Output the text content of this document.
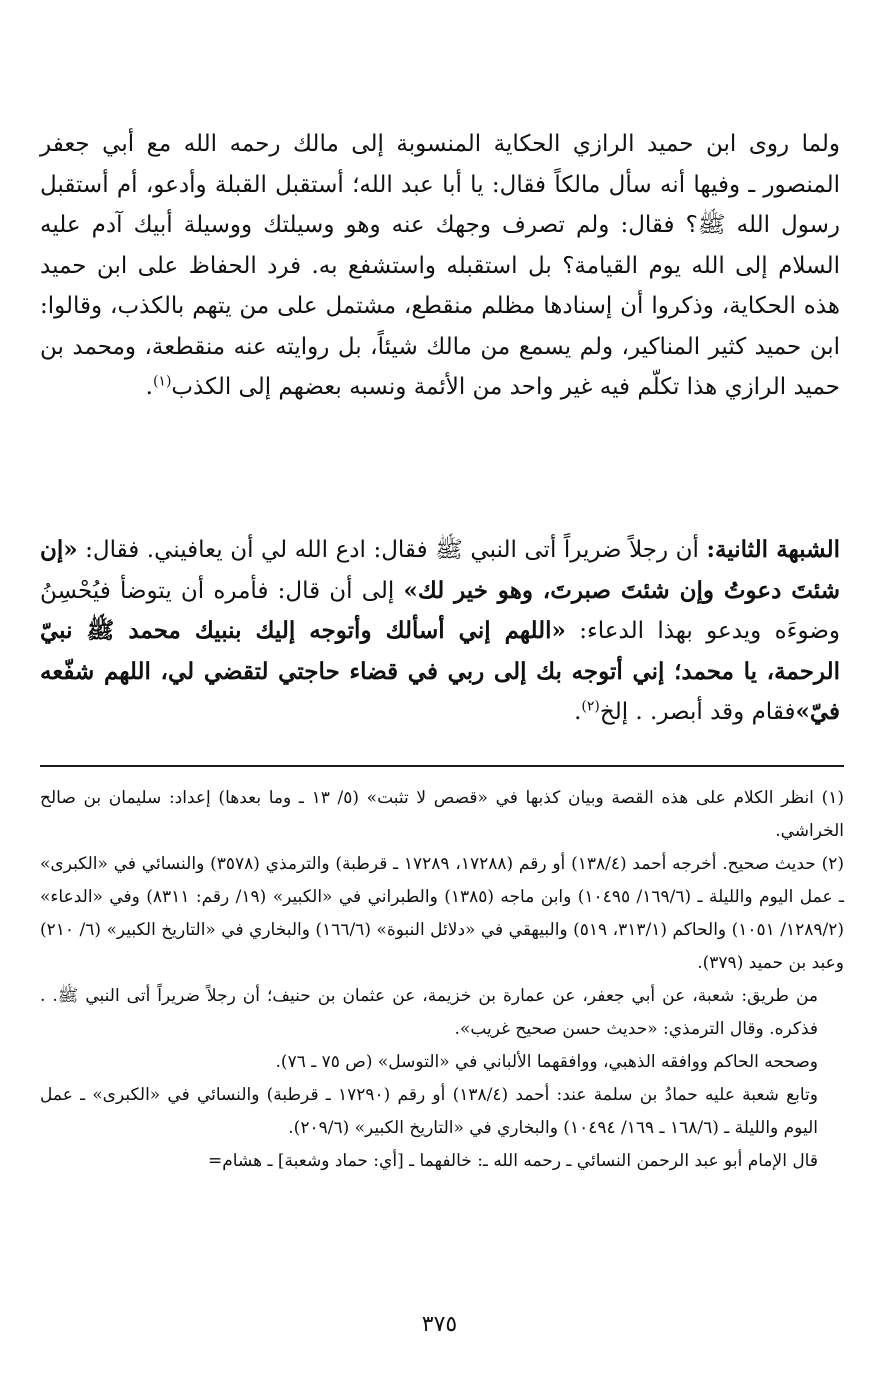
ولما روى ابن حميد الرازي الحكاية المنسوبة إلى مالك رحمه الله مع أبي جعفر المنصور ـ وفيها أنه سأل مالكاً فقال: يا أبا عبد الله؛ أستقبل القبلة وأدعو، أم أستقبل رسول الله ﷺ؟ فقال: ولم تصرف وجهك عنه وهو وسيلتك ووسيلة أبيك آدم عليه السلام إلى الله يوم القيامة؟ بل استقبله واستشفع به. فرد الحفاظ على ابن حميد هذه الحكاية، وذكروا أن إسنادها مظلم منقطع، مشتمل على من يتهم بالكذب، وقالوا: ابن حميد كثير المناكير، ولم يسمع من مالك شيئاً، بل روايته عنه منقطعة، ومحمد بن حميد الرازي هذا تكلّم فيه غير واحد من الأئمة ونسبه بعضهم إلى الكذب$^{(١)}$.

الشبهة الثانية: أن رجلاً ضريراً أتى النبي ﷺ فقال: ادع الله لي أن يعافيني. فقال: «إن شئتَ دعوتُ وإن شئتَ صبرتَ، وهو خير لك» إلى أن قال: فأمره أن يتوضأ فيُحْسِنُ وضوءَه ويدعو بهذا الدعاء: «اللهم إني أسألك وأتوجه إليك بنبيك محمد ﷺ نبيّ الرحمة، يا محمد؛ إني أتوجه بك إلى ربي في قضاء حاجتي لتقضي لي، اللهم شفّعه فيّ»فقام وقد أبصر. . إلخ$^{(٢)}$.

(١) انظر الكلام على هذه القصة وبيان كذبها في «قصص لا تثبت» (٥/ ١٣ ـ وما بعدها) إعداد: سليمان بن صالح الخراشي.

(٢) حديث صحيح. أخرجه أحمد (١٣٨/٤) أو رقم (١٧٢٨٨، ١٧٢٨٩ ـ قرطبة) والترمذي (٣٥٧٨) والنسائي في «الكبرى» ـ عمل اليوم والليلة ـ (١٦٩/٦/ ١٠٤٩٥) وابن ماجه (١٣٨٥) والطبراني في «الكبير» (١٩/ رقم: ٨٣١١) وفي «الدعاء» (١٢٨٩/٢/ ١٠٥١) والحاكم (٣١٣/١، ٥١٩) والبيهقي في «دلائل النبوة» (١٦٦/٦) والبخاري في «التاريخ الكبير» (٦/ ٢١٠) وعبد بن حميد (٣٧٩).

من طريق: شعبة، عن أبي جعفر، عن عمارة بن خزيمة، عن عثمان بن حنيف؛ أن رجلاً ضريراً أتى النبي ﷺ. . فذكره. وقال الترمذي: «حديث حسن صحيح غريب».

وصححه الحاكم ووافقه الذهبي، ووافقهما الألباني في «التوسل» (ص ٧٥ ـ ٧٦).

وتابع شعبة عليه حمادُ بن سلمة عند: أحمد (١٣٨/٤) أو رقم (١٧٢٩٠ ـ قرطبة) والنسائي في «الكبرى» ـ عمل اليوم والليلة ـ (١٦٨/٦ ـ ١٦٩/ ١٠٤٩٤) والبخاري في «التاريخ الكبير» (٢٠٩/٦).

قال الإمام أبو عبد الرحمن النسائي ـ رحمه الله ـ: خالفهما ـ [أي: حماد وشعبة] ـ هشام=

٣٧٥
